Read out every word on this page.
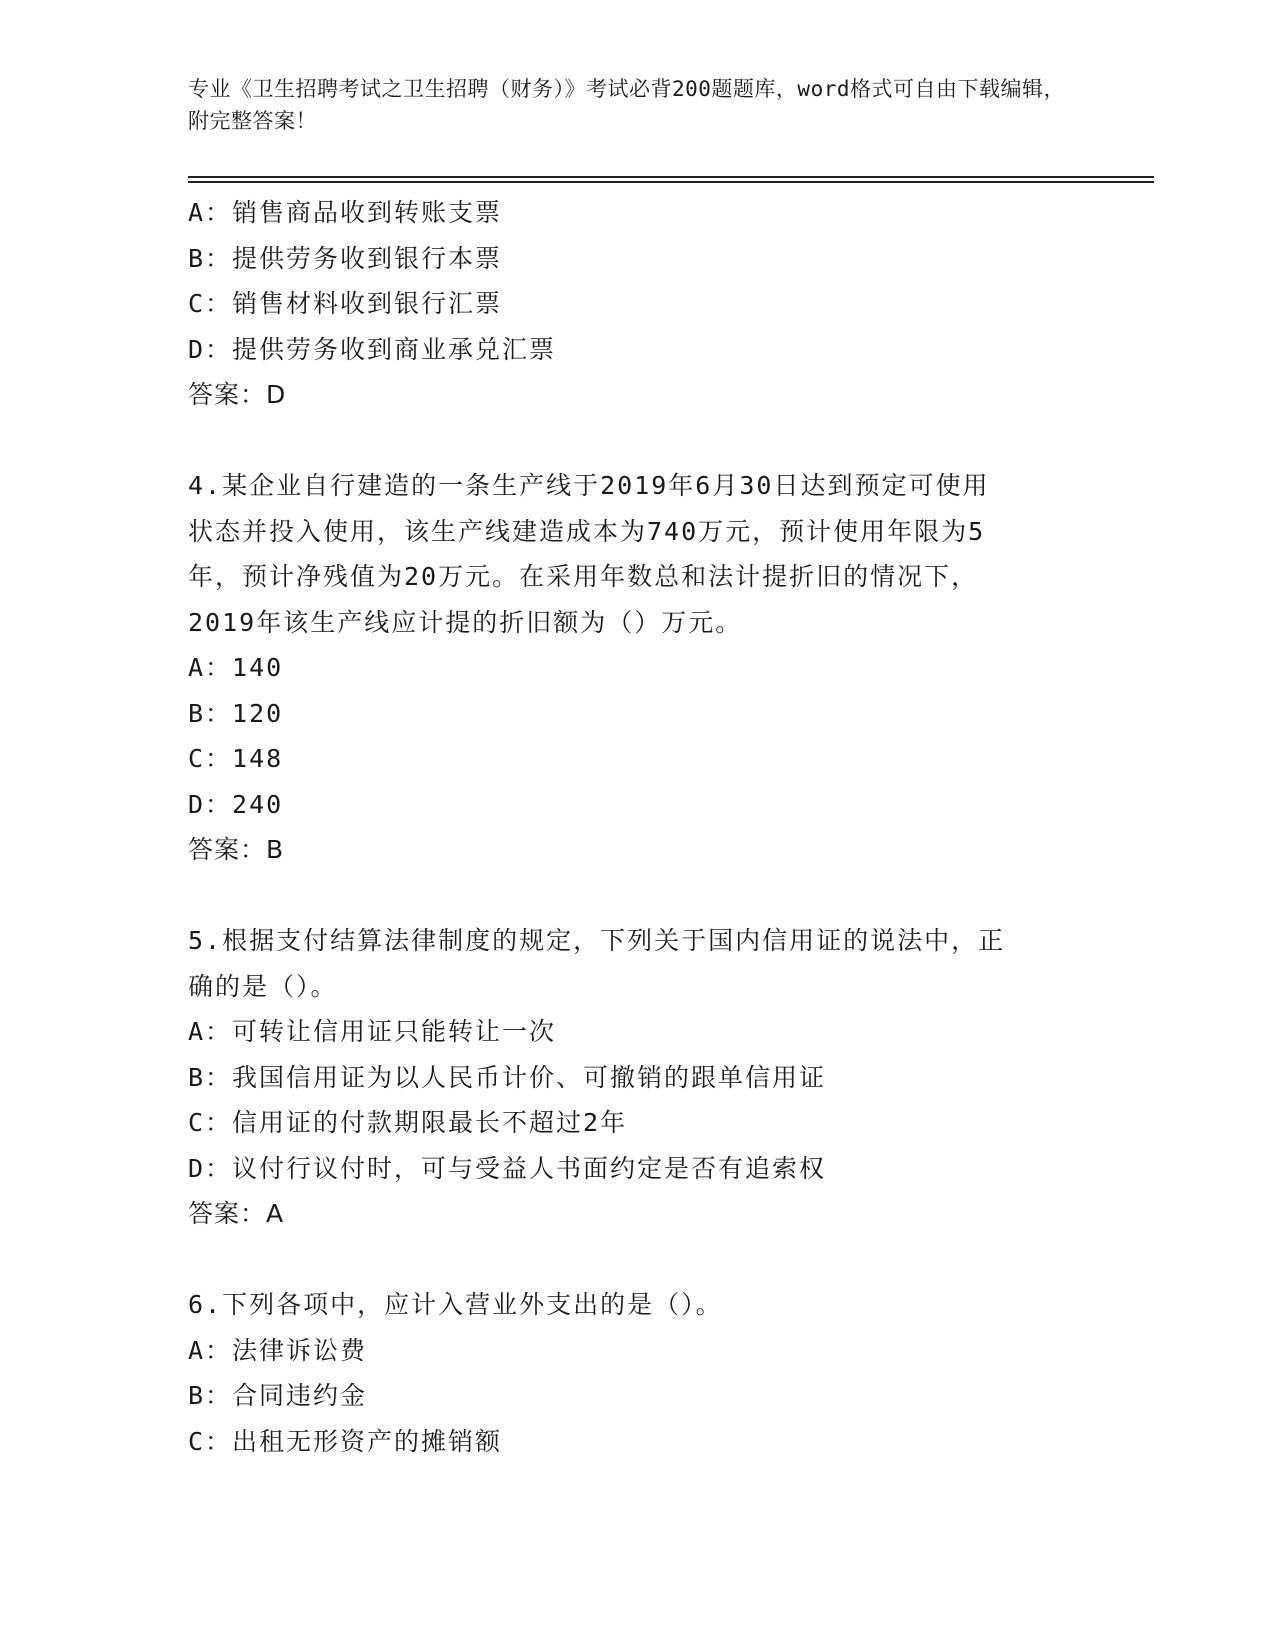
专业《卫生招聘考试之卫生招聘（财务）》考试必背200题题库，word格式可自由下载编辑，附完整答案！
A：销售商品收到转账支票
B：提供劳务收到银行本票
C：销售材料收到银行汇票
D：提供劳务收到商业承兑汇票
答案：D
4.某企业自行建造的一条生产线于2019年6月30日达到预定可使用
状态并投入使用，该生产线建造成本为740万元，预计使用年限为5
年，预计净残值为20万元。在采用年数总和法计提折旧的情况下，
2019年该生产线应计提的折旧额为（）万元。
A：140
B：120
C：148
D：240
答案：B
5.根据支付结算法律制度的规定，下列关于国内信用证的说法中，正
确的是（）。
A：可转让信用证只能转让一次
B：我国信用证为以人民币计价、可撤销的跟单信用证
C：信用证的付款期限最长不超过2年
D：议付行议付时，可与受益人书面约定是否有追索权
答案：A
6.下列各项中，应计入营业外支出的是（）。
A：法律诉讼费
B：合同违约金
C：出租无形资产的摊销额
